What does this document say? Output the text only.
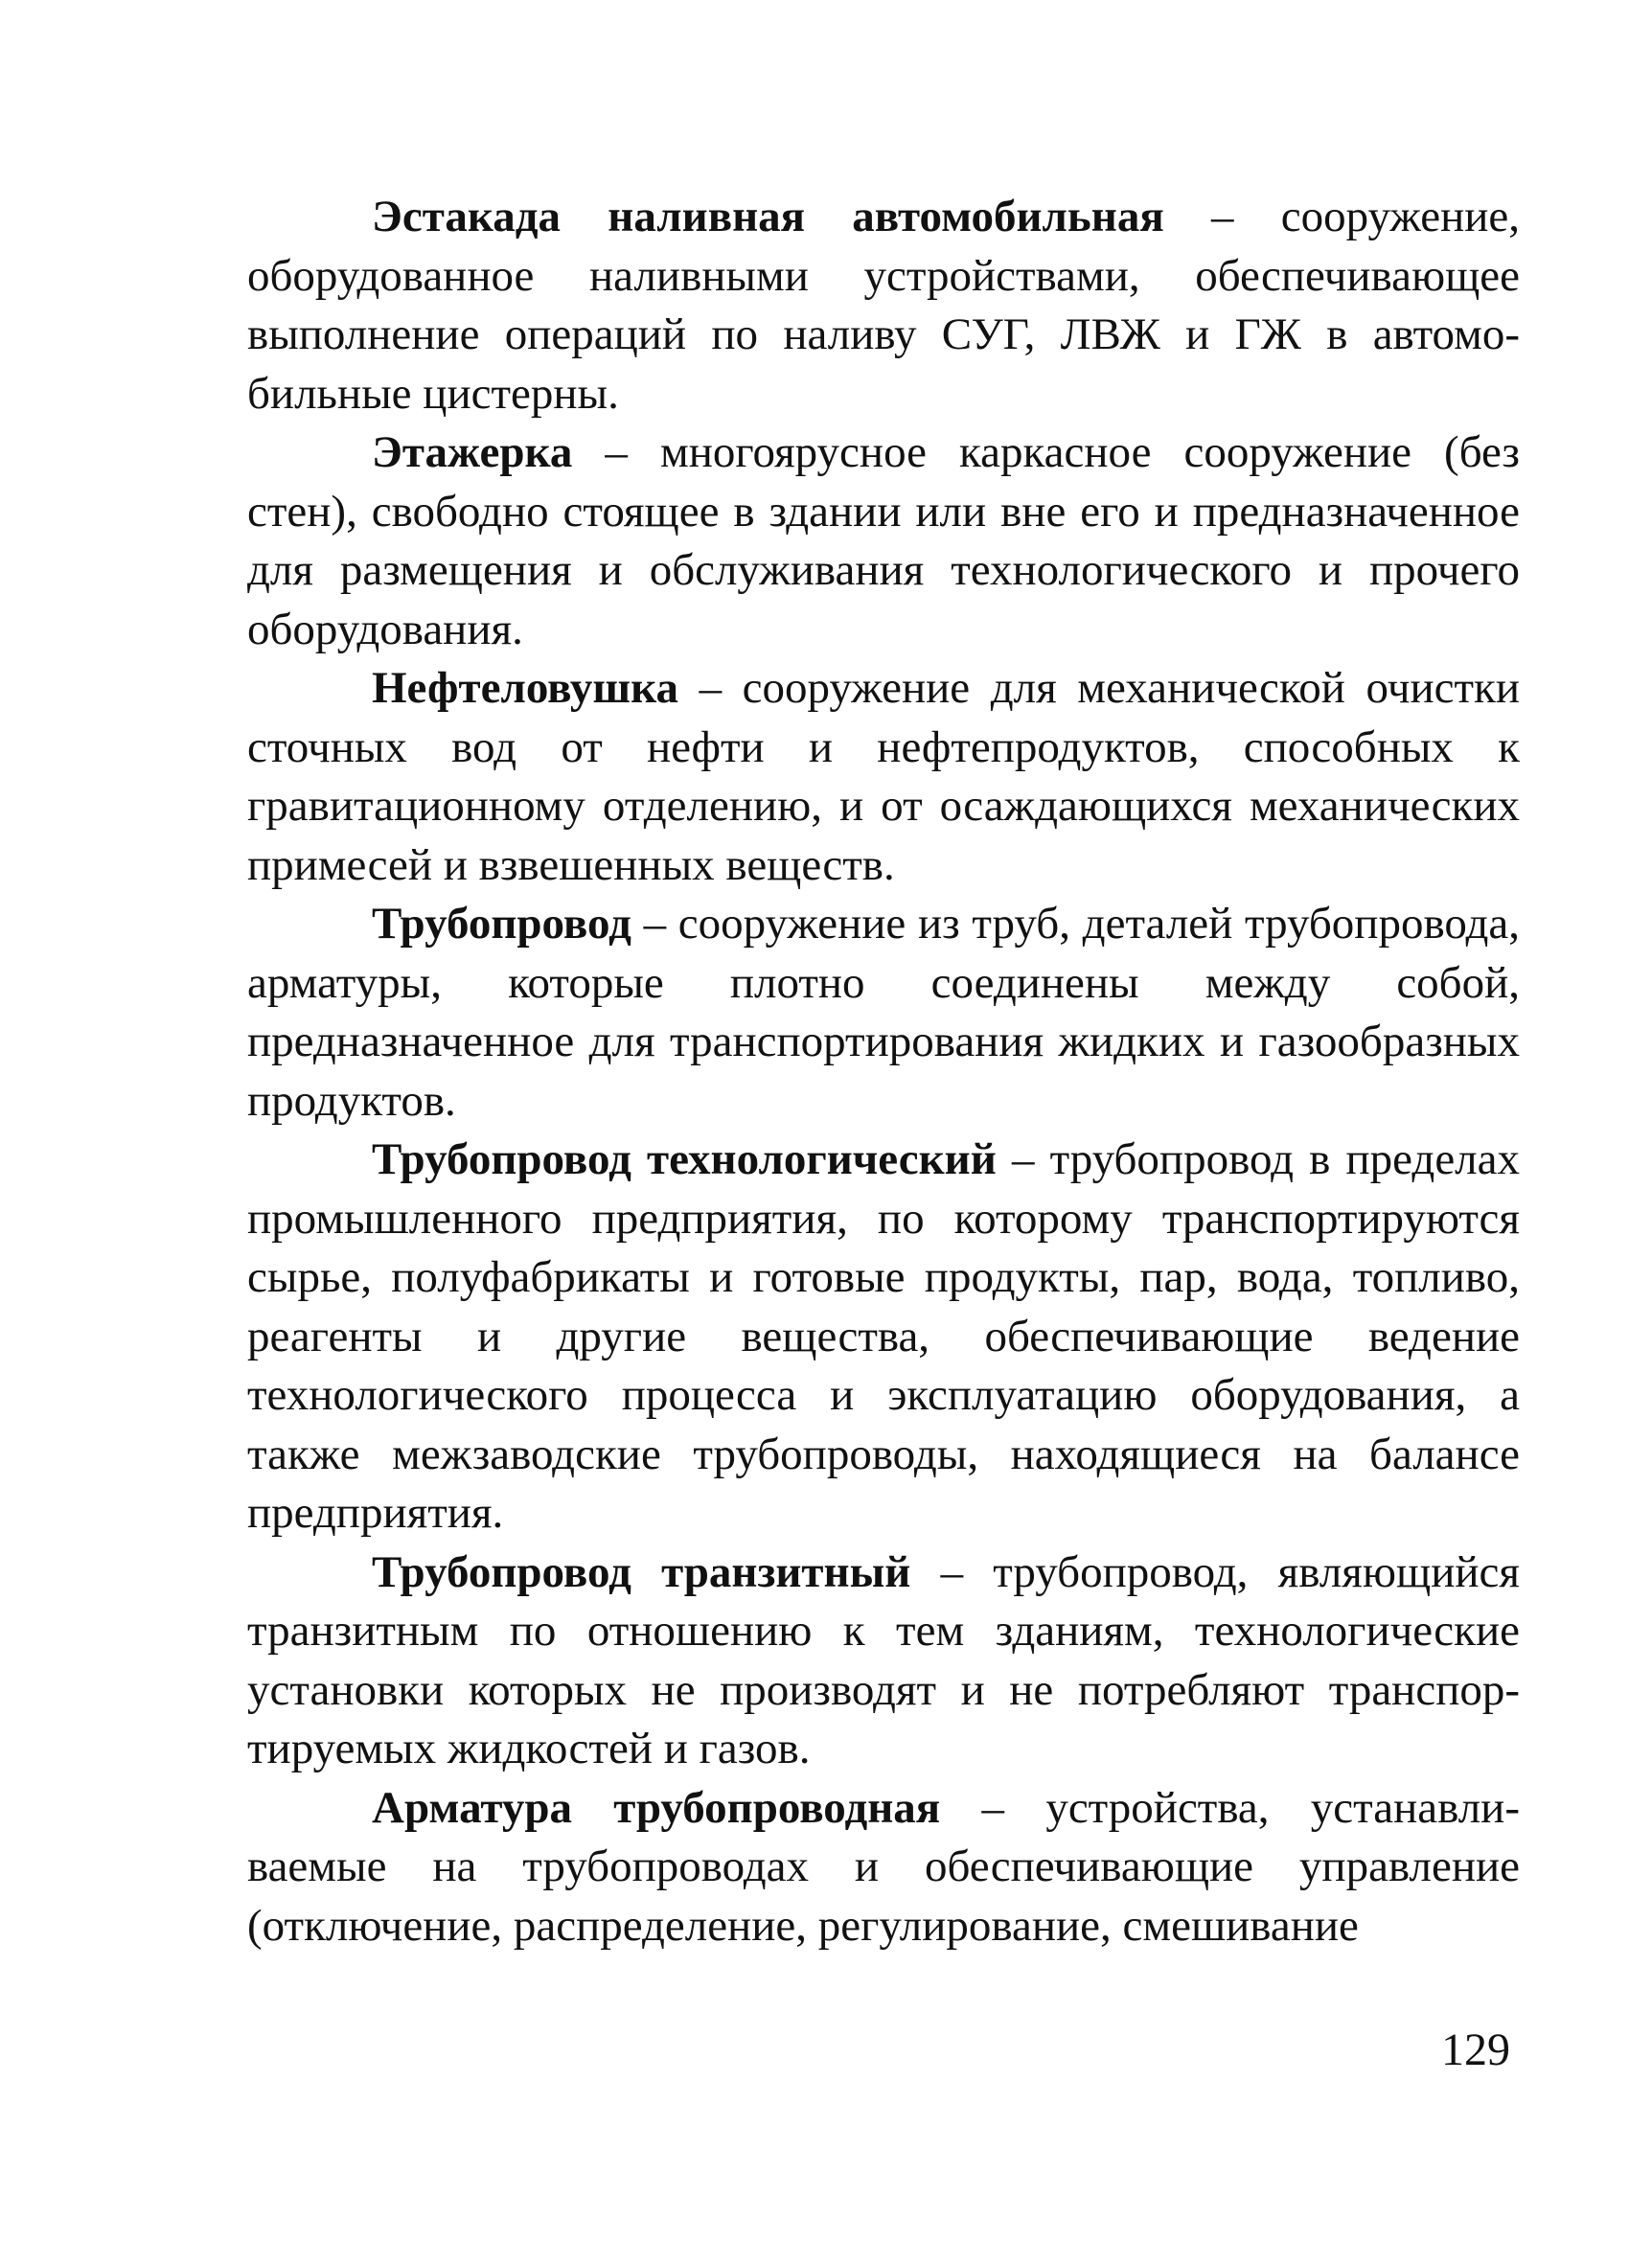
Эстакада наливная автомобильная – сооружение, оборудованное наливными устройствами, обеспечивающее выполнение операций по наливу СУГ, ЛВЖ и ГЖ в автомобильные цистерны.

Этажерка – многоярусное каркасное сооружение (без стен), свободно стоящее в здании или вне его и предназначенное для размещения и обслуживания технологического и прочего оборудования.

Нефтеловушка – сооружение для механической очистки сточных вод от нефти и нефтепродуктов, способных к гравитационному отделению, и от осаждающихся механических примесей и взвешенных веществ.

Трубопровод – сооружение из труб, деталей трубопровода, арматуры, которые плотно соединены между собой, предназначенное для транспортирования жидких и газообразных продуктов.

Трубопровод технологический – трубопровод в пределах промышленного предприятия, по которому транспортируются сырье, полуфабрикаты и готовые продукты, пар, вода, топливо, реагенты и другие вещества, обеспечивающие ведение технологического процесса и эксплуатацию оборудования, а также межзаводские трубопроводы, находящиеся на балансе предприятия.

Трубопровод транзитный – трубопровод, являющийся транзитным по отношению к тем зданиям, технологические установки которых не производят и не потребляют транспортируемых жидкостей и газов.

Арматура трубопроводная – устройства, устанавливаемые на трубопроводах и обеспечивающие управление (отключение, распределение, регулирование, смешивание

129
